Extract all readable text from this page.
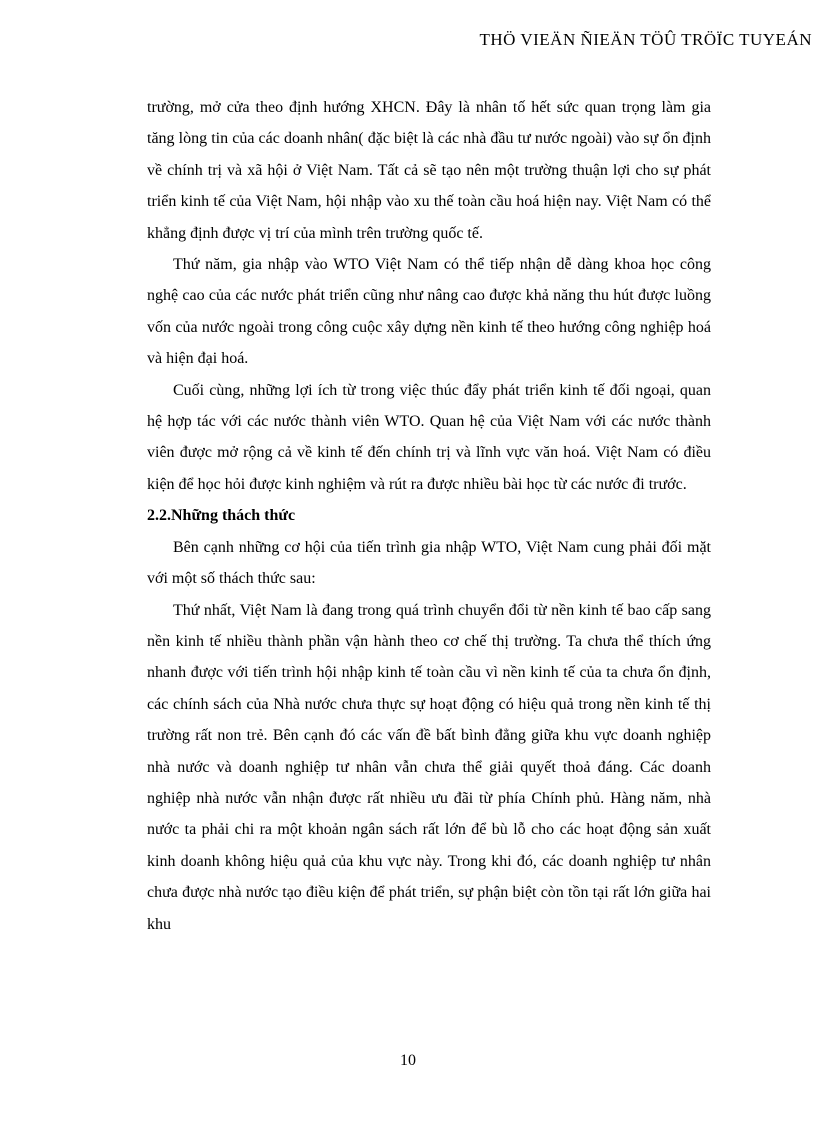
THÖ VIEÄN ÑIEÄN TÖÛ TRÖÏC TUYEÁN

trường, mở cửa theo định hướng XHCN. Đây là nhân tố hết sức quan trọng làm gia tăng lòng tin của các doanh nhân( đặc biệt là các nhà đầu tư nước ngoài) vào sự ổn định về chính trị và xã hội ở Việt Nam. Tất cả sẽ tạo nên một trường thuận lợi cho sự phát triển kinh tế của Việt Nam, hội nhập vào xu thế toàn cầu hoá hiện nay. Việt Nam có thể khẳng định được vị trí của mình trên trường quốc tế.

Thứ năm, gia nhập vào WTO Việt Nam có thể tiếp nhận dễ dàng khoa học công nghệ cao của các nước phát triển cũng như nâng cao được khả năng thu hút được luồng vốn của nước ngoài trong công cuộc xây dựng nền kinh tế theo hướng công nghiệp hoá và hiện đại hoá.

Cuối cùng, những lợi ích từ trong việc thúc đẩy phát triển kinh tế đối ngoại, quan hệ hợp tác với các nước thành viên WTO. Quan hệ của Việt Nam với các nước thành viên được mở rộng cả về kinh tế đến chính trị và lĩnh vực văn hoá. Việt Nam có điều kiện để học hỏi được kinh nghiệm và rút ra được nhiều bài học từ các nước đi trước.

2.2.Những thách thức

Bên cạnh những cơ hội của tiến trình gia nhập WTO, Việt Nam cung phải đối mặt với một số thách thức sau:

Thứ nhất, Việt Nam là đang trong quá trình chuyển đổi từ nền kinh tế bao cấp sang nền kinh tế nhiều thành phần vận hành theo cơ chế thị trường. Ta chưa thể thích ứng nhanh được với tiến trình hội nhập kinh tế toàn cầu vì nền kinh tế của ta chưa ổn định, các chính sách của Nhà nước chưa thực sự hoạt động có hiệu quả trong nền kinh tế thị trường rất non trẻ. Bên cạnh đó các vấn đề bất bình đẳng giữa khu vực doanh nghiệp nhà nước và doanh nghiệp tư nhân vẫn chưa thể giải quyết thoả đáng. Các doanh nghiệp nhà nước vẫn nhận được rất nhiều ưu đãi từ phía Chính phủ. Hàng năm, nhà nước ta phải chi ra một khoản ngân sách rất lớn để bù lỗ cho các hoạt động sản xuất kinh doanh không hiệu quả của khu vực này. Trong khi đó, các doanh nghiệp tư nhân chưa được nhà nước tạo điều kiện để phát triển, sự phận biệt còn tồn tại rất lớn giữa hai khu

10
